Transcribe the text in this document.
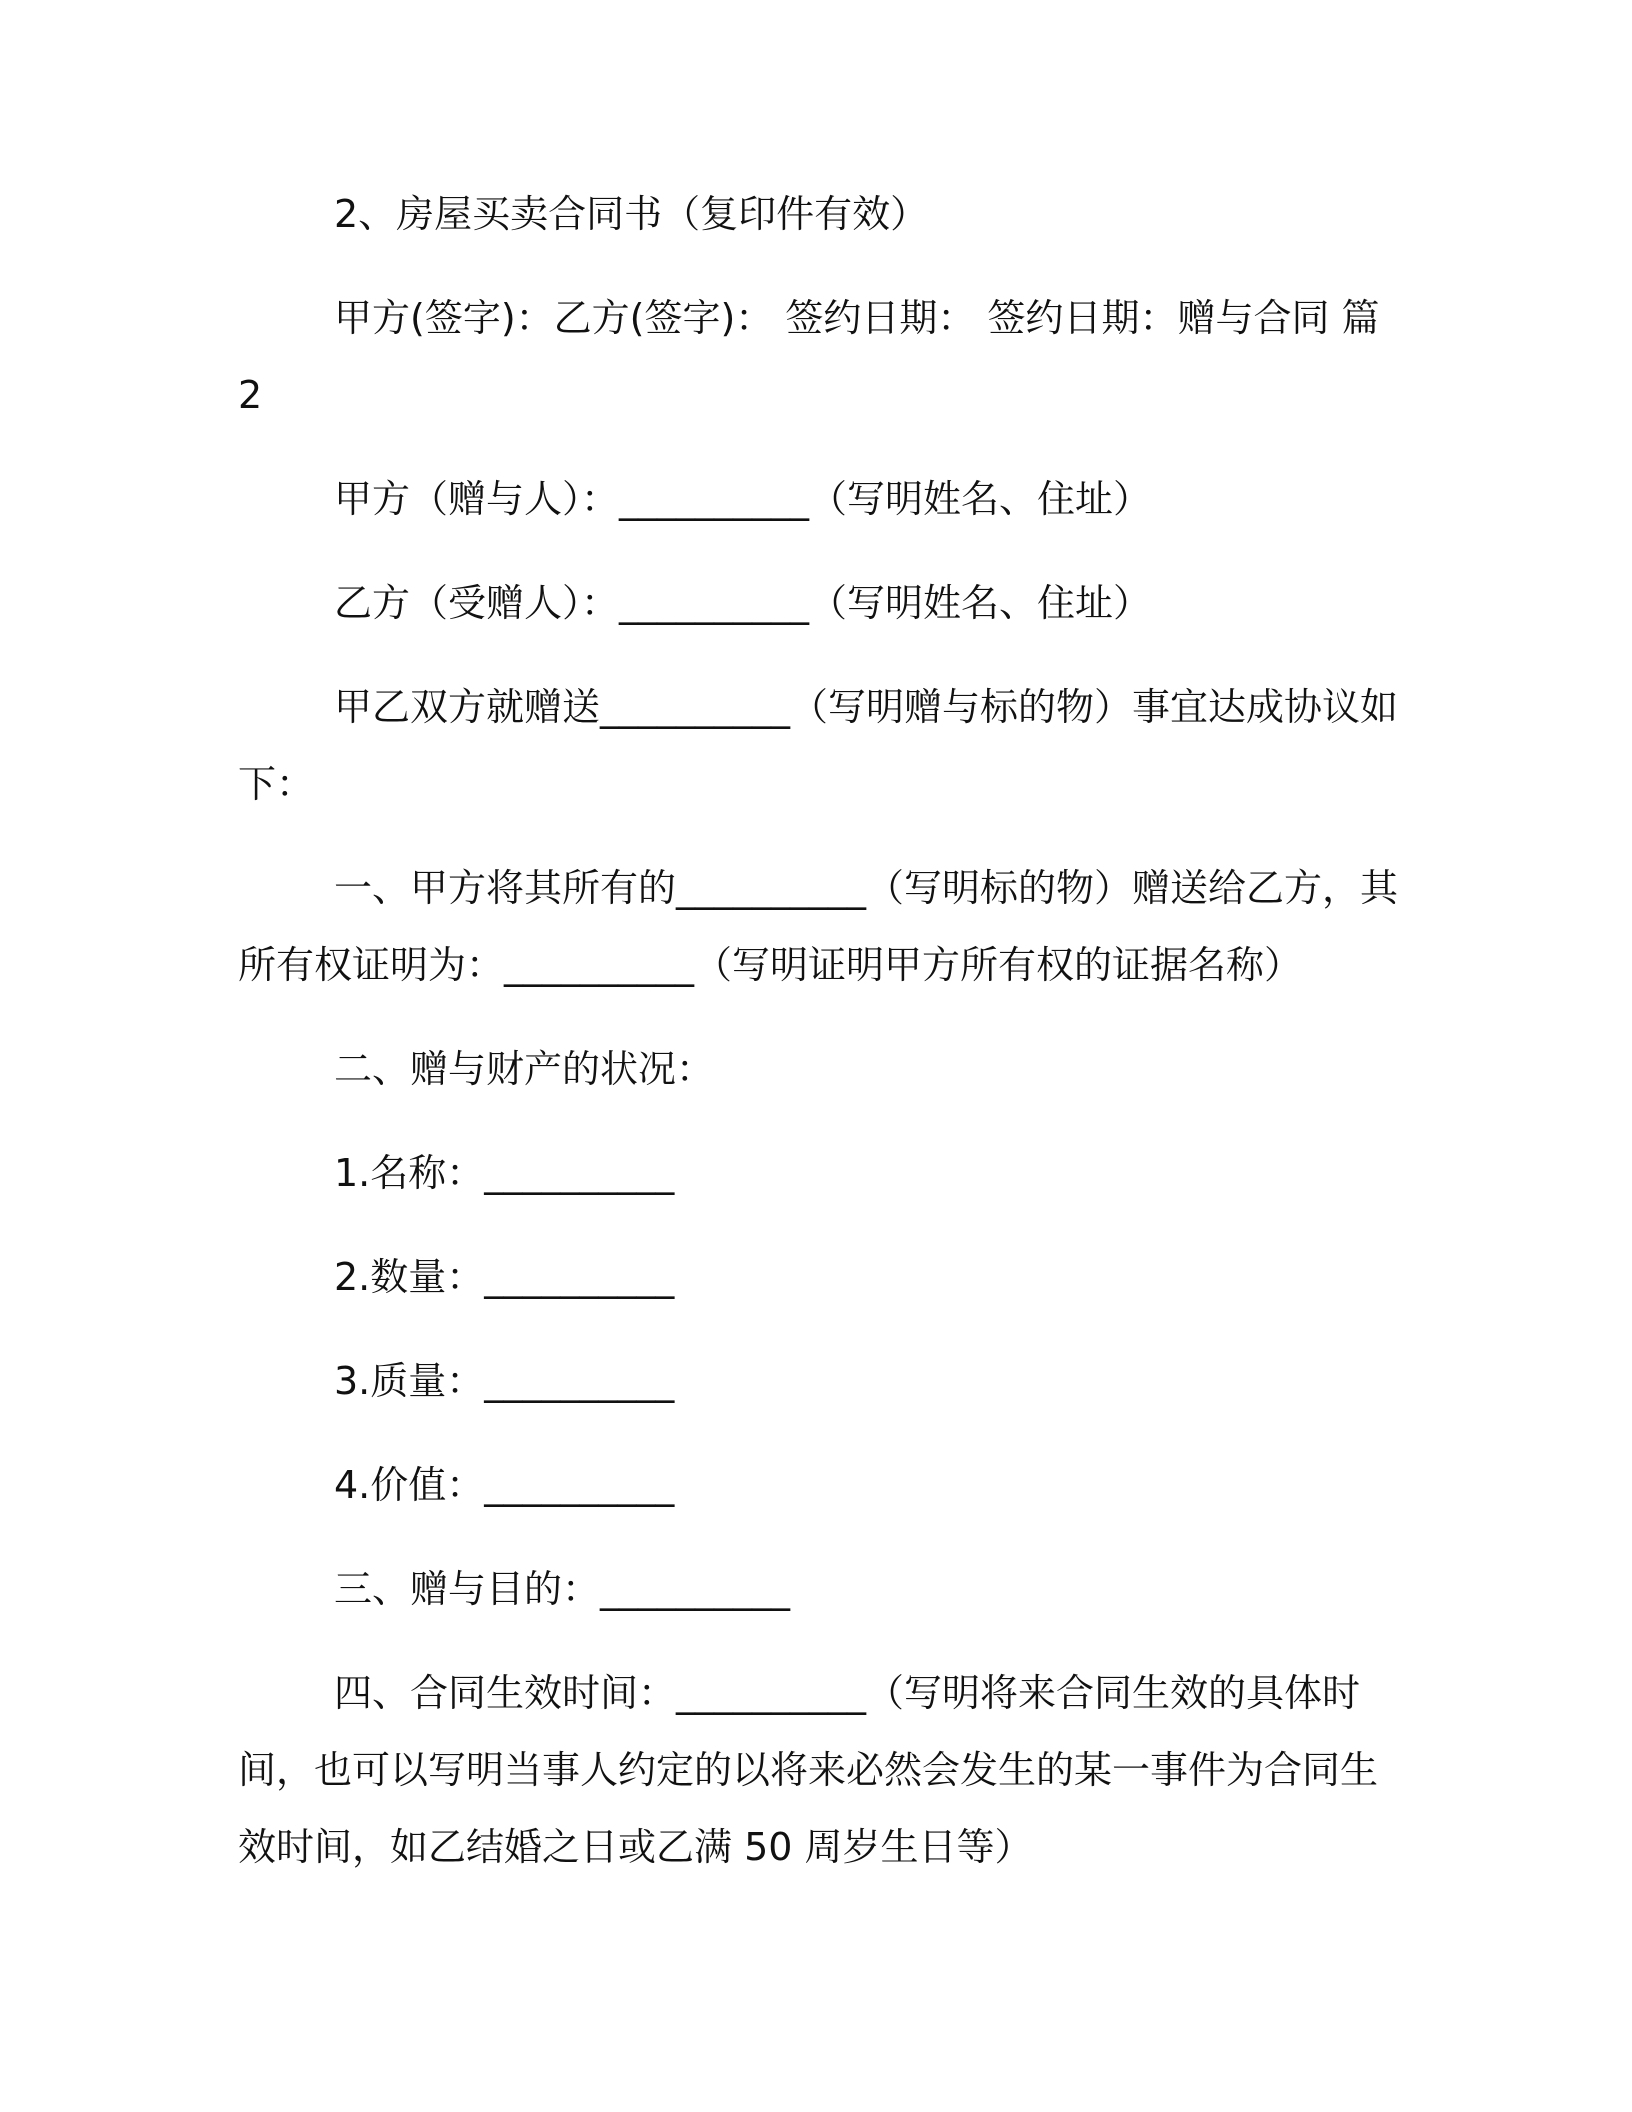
2、房屋买卖合同书（复印件有效）

甲方(签字)：乙方(签字)： 签约日期： 签约日期：赠与合同 篇 2

甲方（赠与人）：__________（写明姓名、住址）

乙方（受赠人）：__________（写明姓名、住址）

甲乙双方就赠送__________（写明赠与标的物）事宜达成协议如下：

一、甲方将其所有的__________（写明标的物）赠送给乙方，其所有权证明为：__________（写明证明甲方所有权的证据名称）

二、赠与财产的状况：

1.名称：__________

2.数量：__________

3.质量：__________

4.价值：__________

三、赠与目的：__________

四、合同生效时间：__________（写明将来合同生效的具体时间，也可以写明当事人约定的以将来必然会发生的某一事件为合同生效时间，如乙结婚之日或乙满 50 周岁生日等）
